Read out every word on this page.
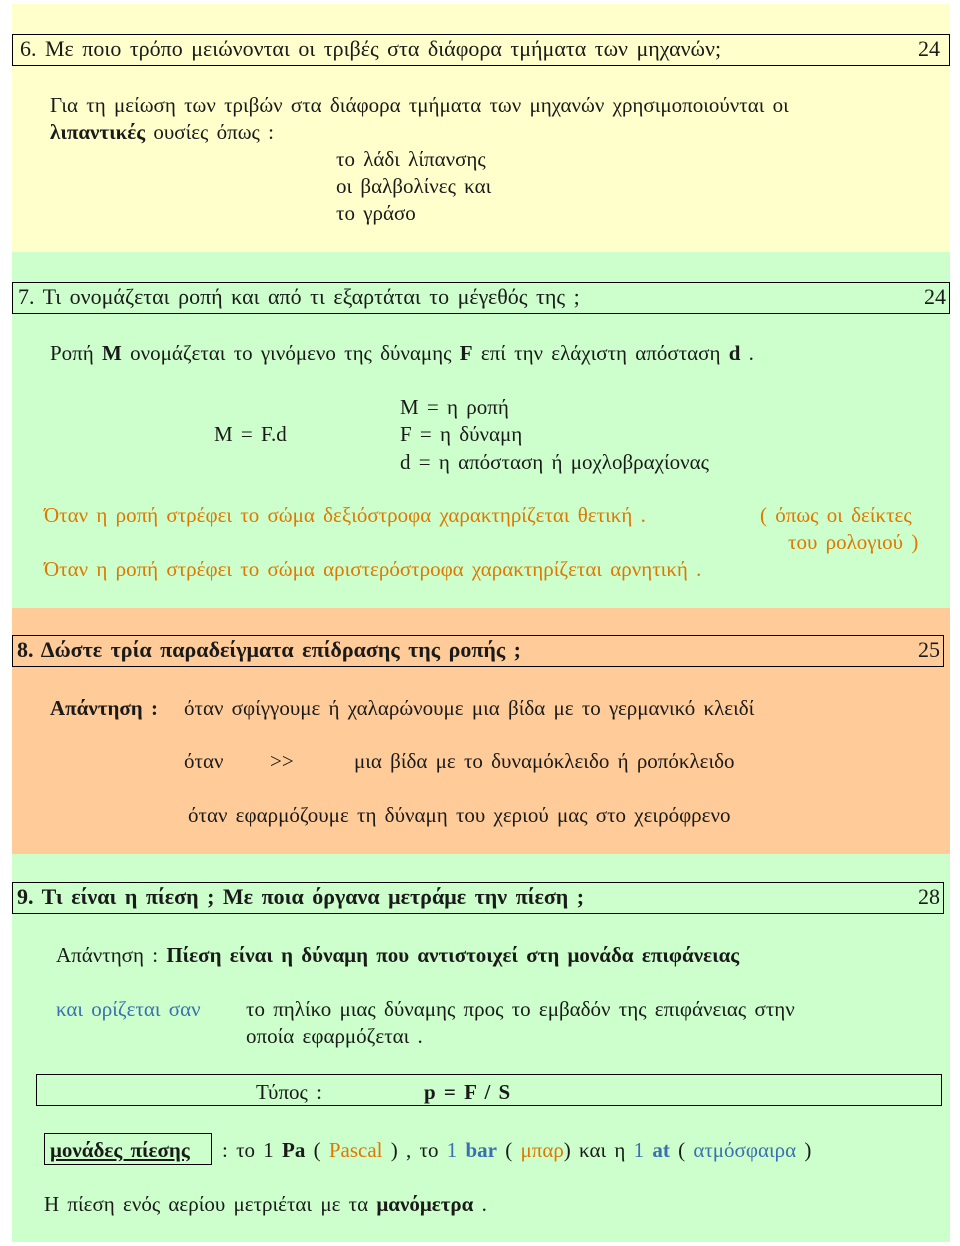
6. Με ποιο τρόπο μειώνονται οι τριβές στα διάφορα τμήματα των μηχανών;	24
Για τη μείωση των τριβών στα διάφορα τμήματα των μηχανών χρησιμοποιούνται οι
λιπαντικές ουσίες όπως :
το λάδι λίπανσης
οι βαλβολίνες και
το γράσο
7. Τι ονομάζεται ροπή και από τι εξαρτάται το μέγεθός της ;	24
Ροπή Μ ονομάζεται το γινόμενο της δύναμης F επί την ελάχιστη απόσταση d .
Μ = F.d
Μ = η ροπή
F = η δύναμη
d = η απόσταση ή μοχλοβραχίονας
Όταν η ροπή στρέφει το σώμα δεξιόστροφα χαρακτηρίζεται θετική .	( όπως οι δείκτες
του ρολογιού )
Όταν η ροπή στρέφει το σώμα αριστερόστροφα χαρακτηρίζεται αρνητική .
8. Δώστε τρία παραδείγματα επίδρασης της ροπής ;	25
Απάντηση : όταν σφίγγουμε ή χαλαρώνουμε μια βίδα με το γερμανικό κλειδί
όταν >>	μια βίδα με το δυναμόκλειδο ή ροπόκλειδο
όταν εφαρμόζουμε τη δύναμη του χεριού μας στο χειρόφρενο
9. Τι είναι η πίεση ; Με ποια όργανα μετράμε την πίεση ;	28
Απάντηση : Πίεση είναι η δύναμη που αντιστοιχεί στη μονάδα επιφάνειας
και ορίζεται σαν το πηλίκο μιας δύναμης προς το εμβαδόν της επιφάνειας στην
οποία εφαρμόζεται .
Τύπος :	p = F / S
μονάδες πίεσης : το 1 Pa ( Pascal ) , το 1 bar ( μπαρ) και η 1 at ( ατμόσφαιρα )
Η πίεση ενός αερίου μετριέται με τα μανόμετρα .
